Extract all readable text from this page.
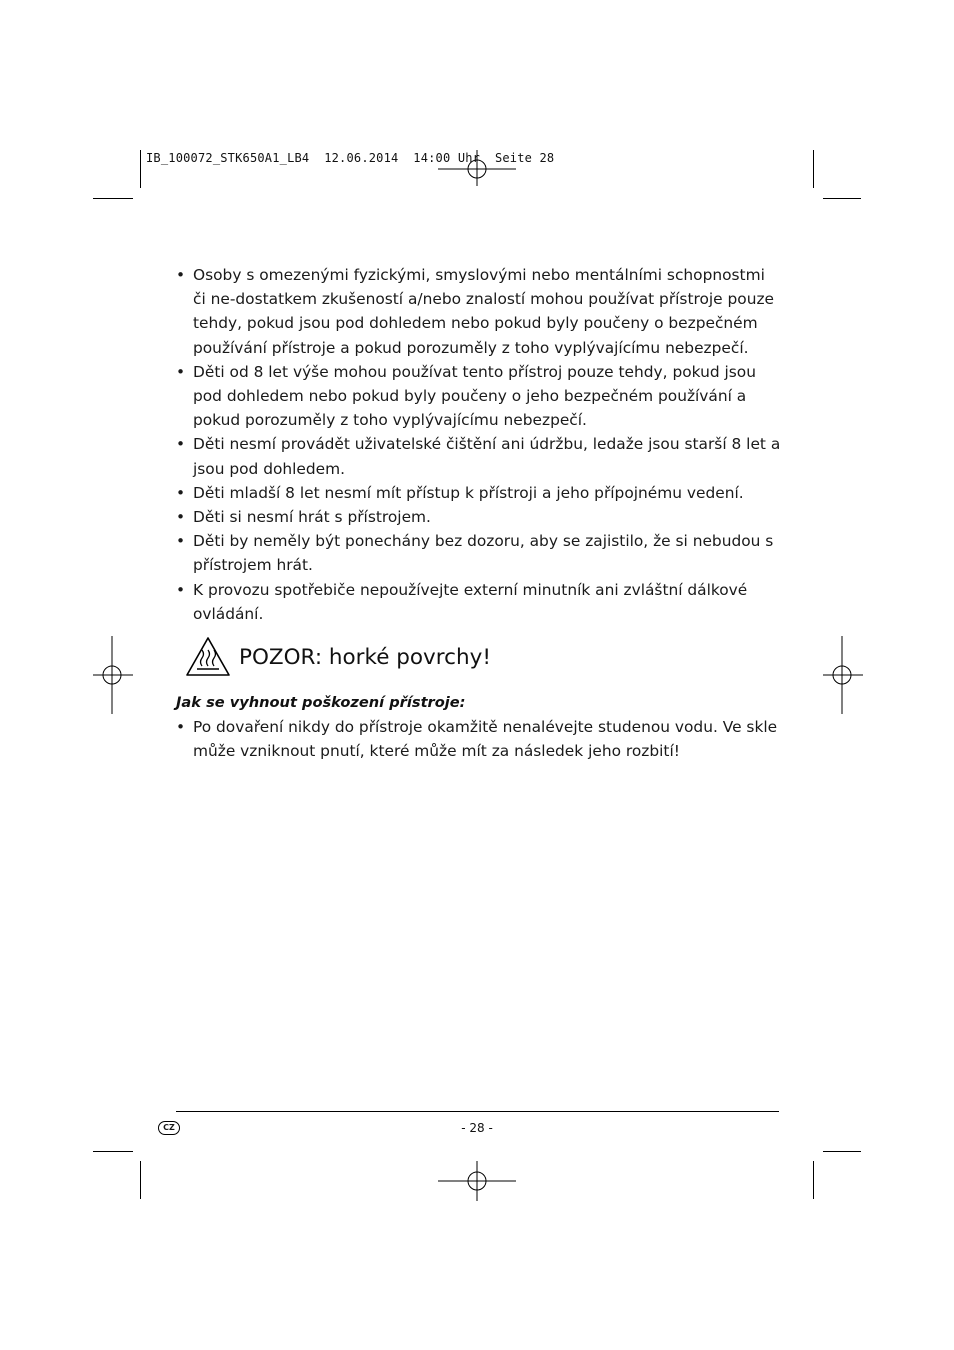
IB_100072_STK650A1_LB4  12.06.2014  14:00 Uhr  Seite 28
• Osoby s omezenými fyzickými, smyslovými nebo mentálními schopnostmi či ne-dostatkem zkušeností a/nebo znalostí mohou používat přístroje pouze tehdy, pokud jsou pod dohledem nebo pokud byly poučeny o bezpečném používání přístroje a pokud porozuměly z toho vyplývajícímu nebezpečí.
• Děti od 8 let výše mohou používat tento přístroj pouze tehdy, pokud jsou pod dohledem nebo pokud byly poučeny o jeho bezpečném používání a pokud porozuměly z toho vyplývajícímu nebezpečí.
• Děti nesmí provádět uživatelské čištění ani údržbu, ledaže jsou starší 8 let a jsou pod dohledem.
• Děti mladší 8 let nesmí mít přístup k přístroji a jeho přípojnému vedení.
• Děti si nesmí hrát s přístrojem.
• Děti by neměly být ponechány bez dozoru, aby se zajistilo, že si nebudou s přístrojem hrát.
• K provozu spotřebiče nepoužívejte externí minutník ani zvláštní dálkové ovládání.
POZOR: horké povrchy!
Jak se vyhnout poškození přístroje:
• Po dovaření nikdy do přístroje okamžitě nenalévejte studenou vodu. Ve skle může vzniknout pnutí, které může mít za následek jeho rozbití!
CZ	- 28 -
